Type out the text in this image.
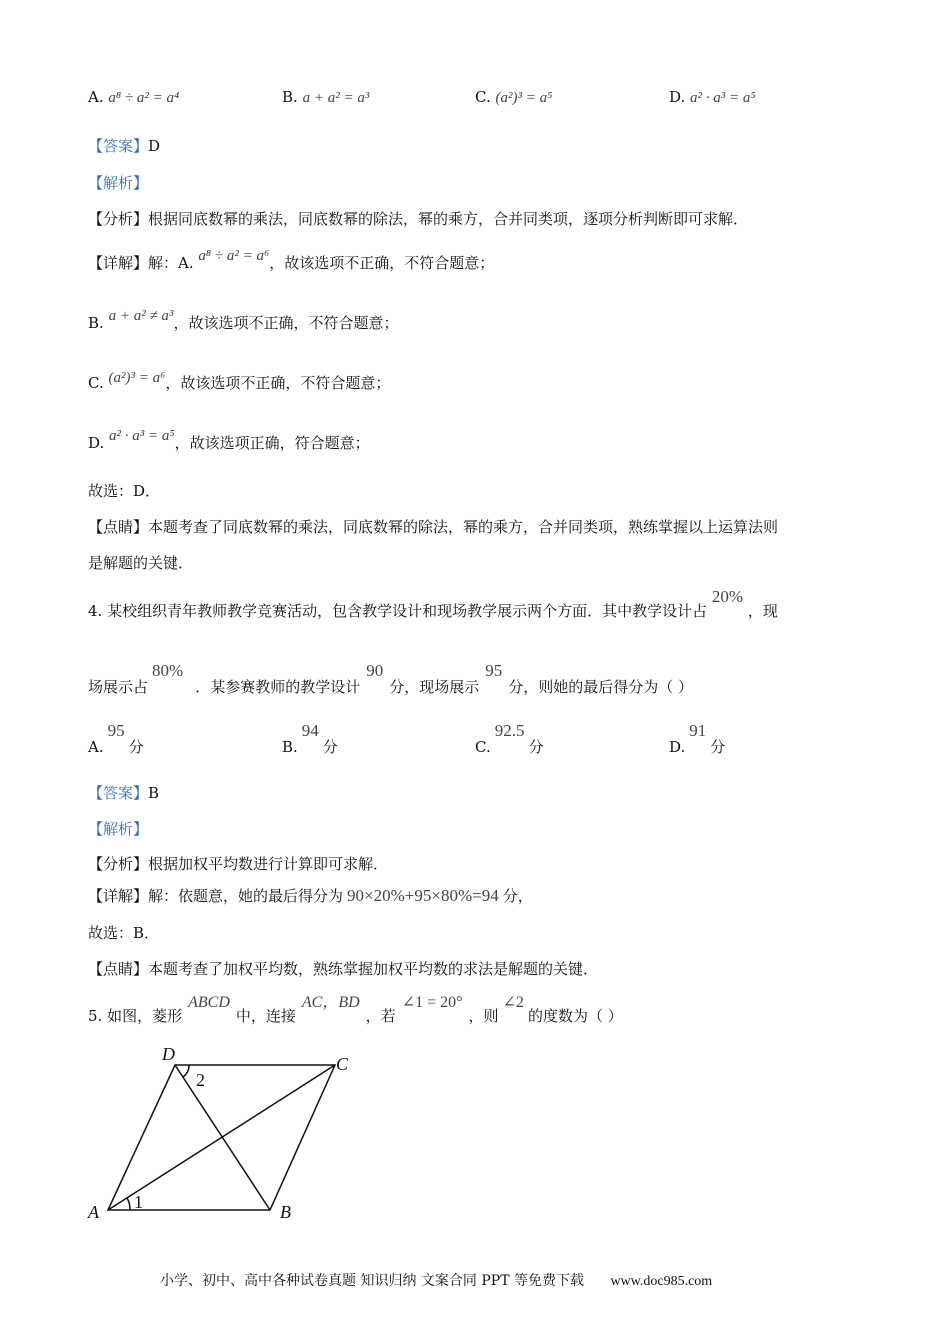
A. a⁸ ÷ a² = a⁴	B. a + a² = a³	C. (a²)³ = a⁵	D. a² · a³ = a⁵
【答案】D
【解析】
【分析】根据同底数幂的乘法，同底数幂的除法，幂的乘方，合并同类项，逐项分析判断即可求解．
【详解】解：A. a⁸ ÷ a² = a⁶，故该选项不正确，不符合题意；
B. a + a² ≠ a³，故该选项不正确，不符合题意；
C. (a²)³ = a⁶，故该选项不正确，不符合题意；
D. a² · a³ = a⁵，故该选项正确，符合题意；
故选：D．
【点睛】本题考查了同底数幂的乘法，同底数幂的除法，幂的乘方，合并同类项，熟练掌握以上运算法则
是解题的关键．
4. 某校组织青年教师教学竞赛活动，包含教学设计和现场教学展示两个方面．其中教学设计占 20% ，现
场展示占80%．某参赛教师的教学设计90分，现场展示95分，则她的最后得分为（ ）
A.95分	B.94分	C.92.5分	D.91分
【答案】B
【解析】
【分析】根据加权平均数进行计算即可求解．
【详解】解：依题意，她的最后得分为 90×20%+95×80%=94 分，
故选：B．
【点睛】本题考查了加权平均数，熟练掌握加权平均数的求法是解题的关键．
5. 如图，菱形ABCD中，连接AC，BD，若∠1 = 20°，则∠2的度数为（ ）
D	C
A	B
2
1
小学、初中、高中各种试卷真题 知识归纳 文案合同 PPT 等免费下载 www.doc985.com
